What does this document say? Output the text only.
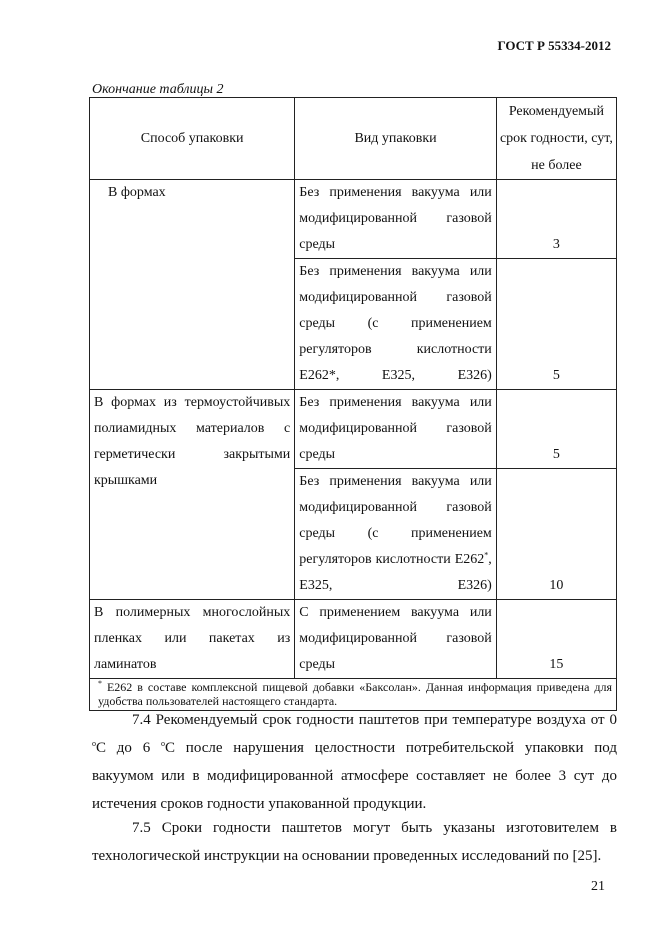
ГОСТ Р 55334-2012
Окончание таблицы 2
Способ упаковки	Вид упаковки	Рекомендуемый срок годности, сут, не более
В формах	Без применения вакуума или модифицированной газовой среды	3
	Без применения вакуума или модифицированной газовой среды (с применением регуляторов кислотности E262*, E325, E326)	5
В формах из термоустойчивых полиамидных материалов с герметически закрытыми крышками	Без применения вакуума или модифицированной газовой среды	5
	Без применения вакуума или модифицированной газовой среды (с применением регуляторов кислотности E262*, E325, E326)	10
В полимерных многослойных пленках или пакетах из ламинатов	С применением вакуума или модифицированной газовой среды	15
* E262 в составе комплексной пищевой добавки «Баксолан». Данная информация приведена для удобства пользователей настоящего стандарта.		
7.4 Рекомендуемый срок годности паштетов при температуре воздуха от 0 $^о$С до 6 $^о$С после нарушения целостности потребительской упаковки под вакуумом или в модифицированной атмосфере составляет не более 3 сут до истечения сроков годности упакованной продукции.
7.5 Сроки годности паштетов могут быть указаны изготовителем в технологической инструкции на основании проведенных исследований по [25].
21
